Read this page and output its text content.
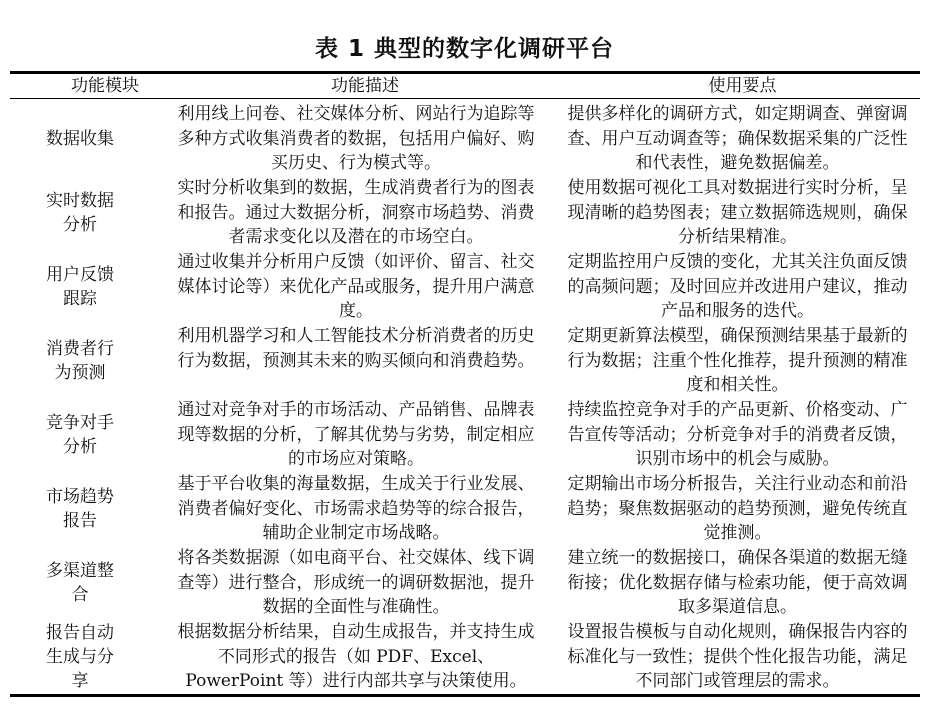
表 1 典型的数字化调研平台
功能模块	功能描述	使用要点
数据收集
利用线上问卷、社交媒体分析、网站行为追踪等多种方式收集消费者的数据，包括用户偏好、购买历史、行为模式等。
提供多样化的调研方式，如定期调查、弹窗调查、用户互动调查等；确保数据采集的广泛性和代表性，避免数据偏差。
实时数据分析
实时分析收集到的数据，生成消费者行为的图表和报告。通过大数据分析，洞察市场趋势、消费者需求变化以及潜在的市场空白。
使用数据可视化工具对数据进行实时分析，呈现清晰的趋势图表；建立数据筛选规则，确保分析结果精准。
用户反馈跟踪
通过收集并分析用户反馈（如评价、留言、社交媒体讨论等）来优化产品或服务，提升用户满意度。
定期监控用户反馈的变化，尤其关注负面反馈的高频问题；及时回应并改进用户建议，推动产品和服务的迭代。
消费者行为预测
利用机器学习和人工智能技术分析消费者的历史行为数据，预测其未来的购买倾向和消费趋势。
定期更新算法模型，确保预测结果基于最新的行为数据；注重个性化推荐，提升预测的精准度和相关性。
竞争对手分析
通过对竞争对手的市场活动、产品销售、品牌表现等数据的分析，了解其优势与劣势，制定相应的市场应对策略。
持续监控竞争对手的产品更新、价格变动、广告宣传等活动；分析竞争对手的消费者反馈，识别市场中的机会与威胁。
市场趋势报告
基于平台收集的海量数据，生成关于行业发展、消费者偏好变化、市场需求趋势等的综合报告，辅助企业制定市场战略。
定期输出市场分析报告，关注行业动态和前沿趋势；聚焦数据驱动的趋势预测，避免传统直觉推测。
多渠道整合
将各类数据源（如电商平台、社交媒体、线下调查等）进行整合，形成统一的调研数据池，提升数据的全面性与准确性。
建立统一的数据接口，确保各渠道的数据无缝衔接；优化数据存储与检索功能，便于高效调取多渠道信息。
报告自动生成与分享
根据数据分析结果，自动生成报告，并支持生成不同形式的报告（如 PDF、Excel、PowerPoint 等）进行内部共享与决策使用。
设置报告模板与自动化规则，确保报告内容的标准化与一致性；提供个性化报告功能，满足不同部门或管理层的需求。
